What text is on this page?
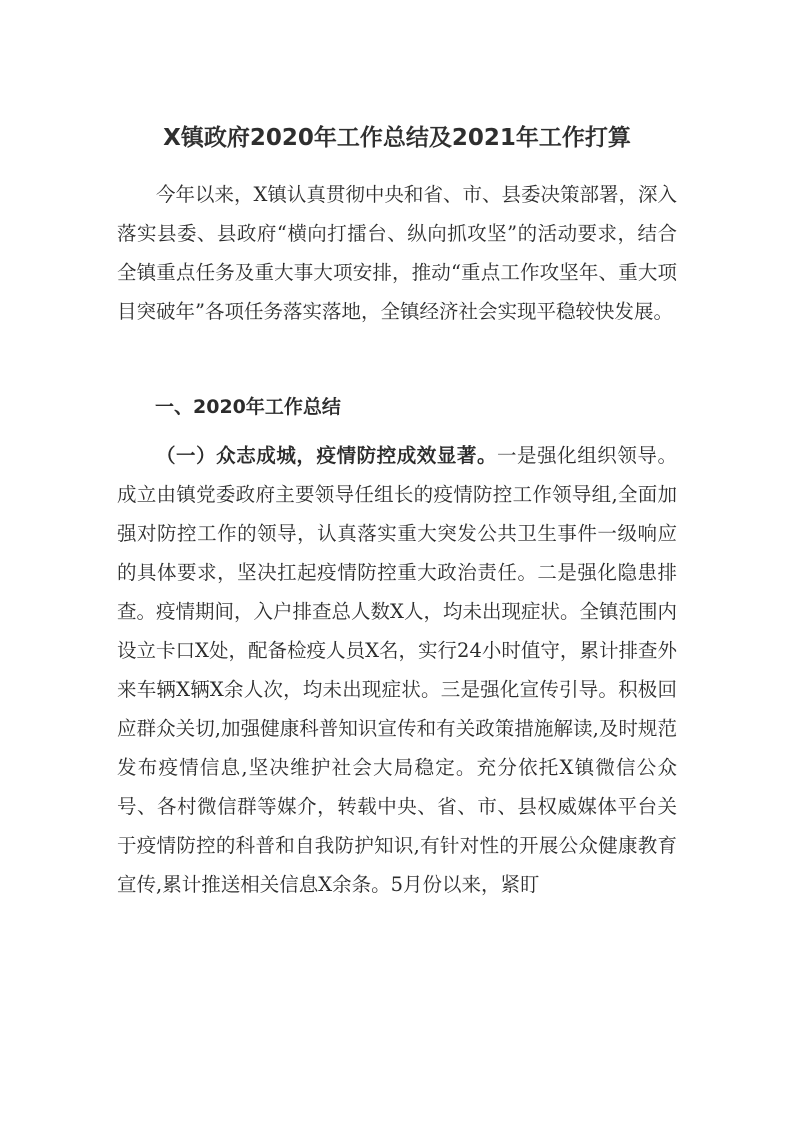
X镇政府2020年工作总结及2021年工作打算

今年以来，X镇认真贯彻中央和省、市、县委决策部署，深入落实县委、县政府“横向打擂台、纵向抓攻坚”的活动要求，结合全镇重点任务及重大事大项安排，推动“重点工作攻坚年、重大项目突破年”各项任务落实落地，全镇经济社会实现平稳较快发展。

一、2020年工作总结

（一）众志成城，疫情防控成效显著。一是强化组织领导。成立由镇党委政府主要领导任组长的疫情防控工作领导组,全面加强对防控工作的领导，认真落实重大突发公共卫生事件一级响应的具体要求，坚决扛起疫情防控重大政治责任。二是强化隐患排查。疫情期间，入户排查总人数X人，均未出现症状。全镇范围内设立卡口X处，配备检疫人员X名，实行24小时值守，累计排查外来车辆X辆X余人次，均未出现症状。三是强化宣传引导。积极回应群众关切,加强健康科普知识宣传和有关政策措施解读,及时规范发布疫情信息,坚决维护社会大局稳定。充分依托X镇微信公众号、各村微信群等媒介，转载中央、省、市、县权威媒体平台关于疫情防控的科普和自我防护知识,有针对性的开展公众健康教育宣传,累计推送相关信息X余条。5月份以来，紧盯
